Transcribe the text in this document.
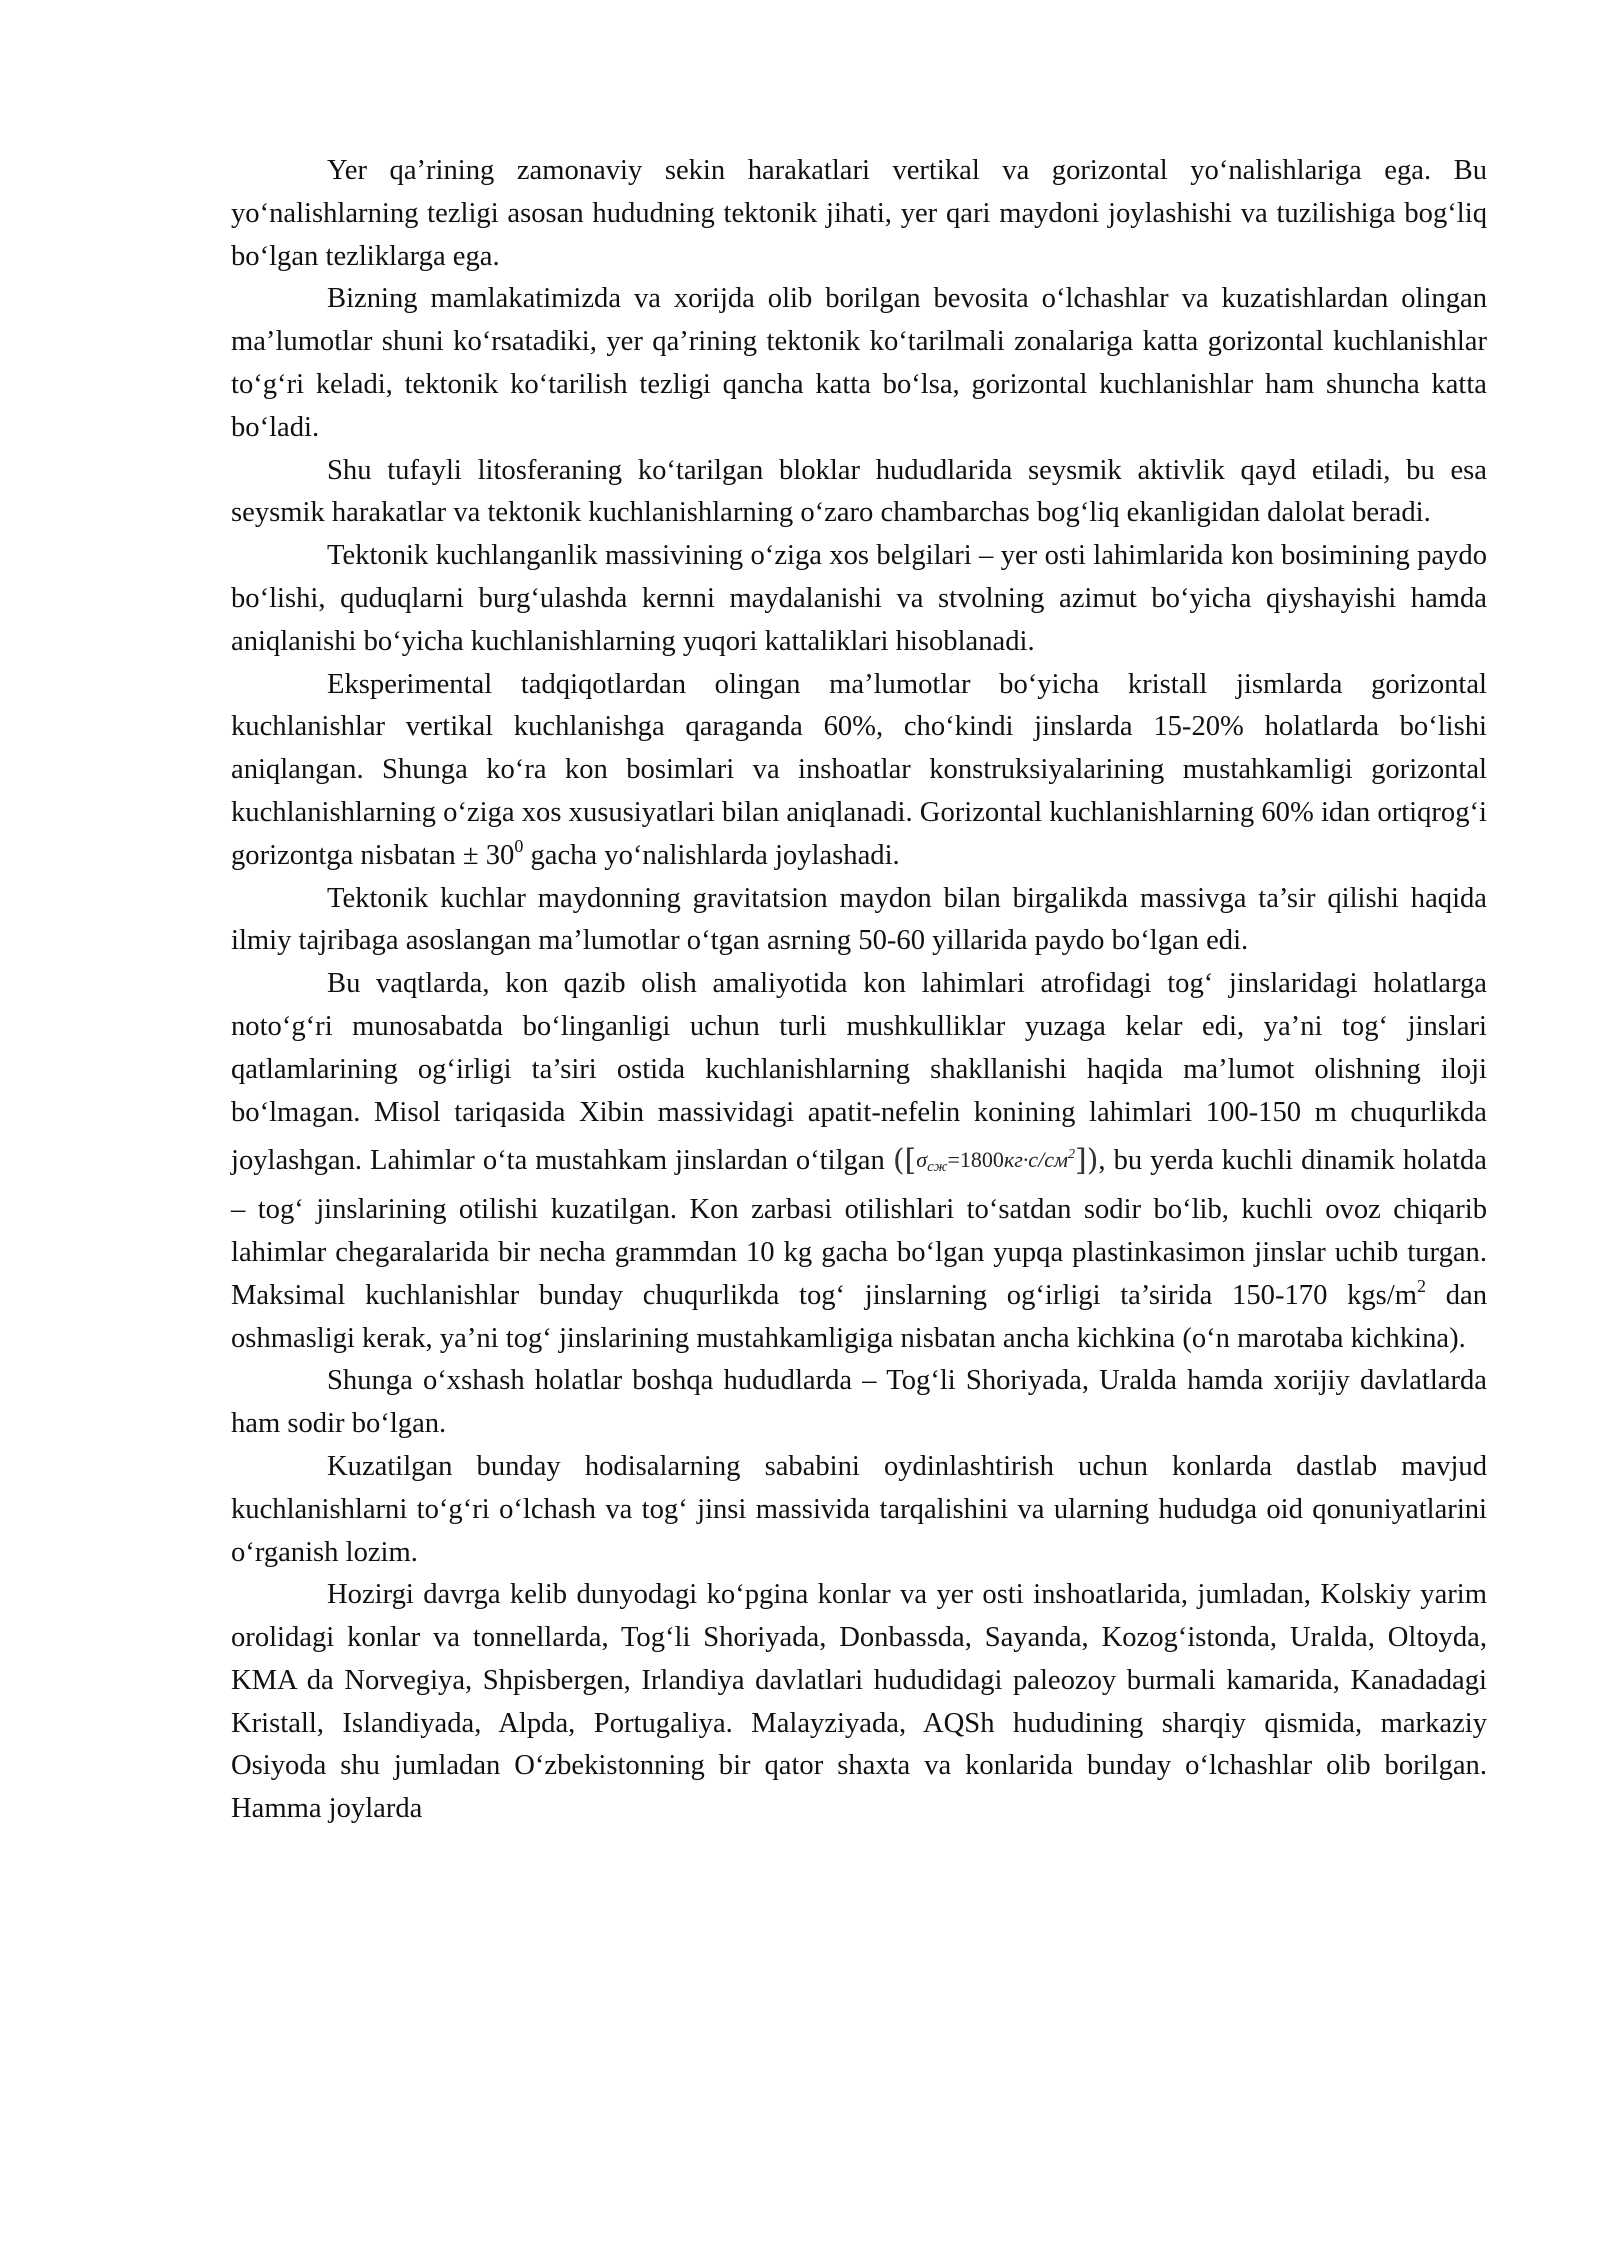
Yer qa’rining zamonaviy sekin harakatlari vertikal va gorizontal yo‘nalishlariga ega. Bu yo‘nalishlarning tezligi asosan hududning tektonik jihati, yer qari maydoni joylashishi va tuzilishiga bog‘liq bo‘lgan tezliklarga ega.

Bizning mamlakatimizda va xorijda olib borilgan bevosita o‘lchashlar va kuzatishlardan olingan ma’lumotlar shuni ko‘rsatadiki, yer qa’rining tektonik ko‘tarilmali zonalariga katta gorizontal kuchlanishlar to‘g‘ri keladi, tektonik ko‘tarilish tezligi qancha katta bo‘lsa, gorizontal kuchlanishlar ham shuncha katta bo‘ladi.

Shu tufayli litosferaning ko‘tarilgan bloklar hududlarida seysmik aktivlik qayd etiladi, bu esa seysmik harakatlar va tektonik kuchlanishlarning o‘zaro chambarchas bog‘liq ekanligidan dalolat beradi.

Tektonik kuchlanganlik massivining o‘ziga xos belgilari – yer osti lahimlarida kon bosimining paydo bo‘lishi, quduqlarni burg‘ulashda kernni maydalanishi va stvolning azimut bo‘yicha qiyshayishi hamda aniqlanishi bo‘yicha kuchlanishlarning yuqori kattaliklari hisoblanadi.

Eksperimental tadqiqotlardan olingan ma’lumotlar bo‘yicha kristall jismlarda gorizontal kuchlanishlar vertikal kuchlanishga qaraganda 60%, cho‘kindi jinslarda 15-20% holatlarda bo‘lishi aniqlangan. Shunga ko‘ra kon bosimlari va inshoatlar konstruksiyalarining mustahkamligi gorizontal kuchlanishlarning o‘ziga xos xususiyatlari bilan aniqlanadi. Gorizontal kuchlanishlarning 60% idan ortiqrog‘i gorizontga nisbatan ± $30^0$ gacha yo‘nalishlarda joylashadi.

Tektonik kuchlar maydonning gravitatsion maydon bilan birgalikda massivga ta’sir qilishi haqida ilmiy tajribaga asoslangan ma’lumotlar o‘tgan asrning 50-60 yillarida paydo bo‘lgan edi.

Bu vaqtlarda, kon qazib olish amaliyotida kon lahimlari atrofidagi tog‘ jinslaridagi holatlarga noto‘g‘ri munosabatda bo‘linganligi uchun turli mushkulliklar yuzaga kelar edi, ya’ni tog‘ jinslari qatlamlarining og‘irligi ta’siri ostida kuchlanishlarning shakllanishi haqida ma’lumot olishning iloji bo‘lmagan. Misol tariqasida Xibin massividagi apatit-nefelin konining lahimlari 100-150 m chuqurlikda joylashgan. Lahimlar o‘ta mustahkam jinslardan o‘tilgan $([\sigma_{сж}=1800кг\cdot с/см^2])$, bu yerda kuchli dinamik holatda – tog‘ jinslarining otilishi kuzatilgan. Kon zarbasi otilishlari to‘satdan sodir bo‘lib, kuchli ovoz chiqarib lahimlar chegaralarida bir necha grammdan 10 kg gacha bo‘lgan yupqa plastinkasimon jinslar uchib turgan. Maksimal kuchlanishlar bunday chuqurlikda tog‘ jinslarning og‘irligi ta’sirida 150-170 kgs/$m^2$ dan oshmasligi kerak, ya’ni tog‘ jinslarining mustahkamligiga nisbatan ancha kichkina (o‘n marotaba kichkina).

Shunga o‘xshash holatlar boshqa hududlarda – Tog‘li Shoriyada, Uralda hamda xorijiy davlatlarda ham sodir bo‘lgan.

Kuzatilgan bunday hodisalarning sababini oydinlashtirish uchun konlarda dastlab mavjud kuchlanishlarni to‘g‘ri o‘lchash va tog‘ jinsi massivida tarqalishini va ularning hududga oid qonuniyatlarini o‘rganish lozim.

Hozirgi davrga kelib dunyodagi ko‘pgina konlar va yer osti inshoatlarida, jumladan, Kolskiy yarim orolidagi konlar va tonnellarda, Tog‘li Shoriyada, Donbassda, Sayanda, Kozog‘istonda, Uralda, Oltoyda, KMA da Norvegiya, Shpisbergen, Irlandiya davlatlari hududidagi paleozoy burmali kamarida, Kanadadagi Kristall, Islandiyada, Alpda, Portugaliya. Malayziyada, AQSh hududining sharqiy qismida, markaziy Osiyoda shu jumladan O‘zbekistonning bir qator shaxta va konlarida bunday o‘lchashlar olib borilgan. Hamma joylarda
